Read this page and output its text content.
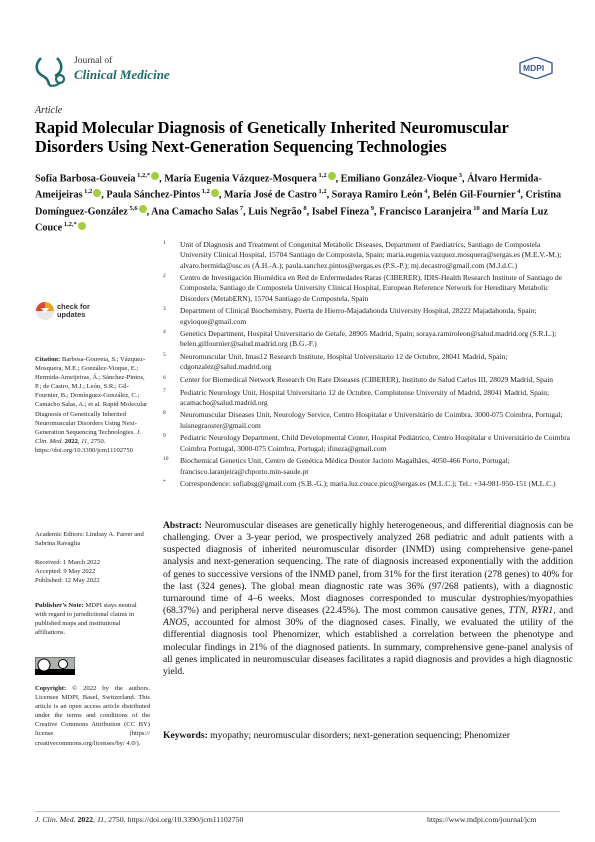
Journal of
Clinical Medicine	MDPI
Article
Rapid Molecular Diagnosis of Genetically Inherited Neuromuscular Disorders Using Next-Generation Sequencing Technologies
Sofía Barbosa-Gouveia $^{1,2,*}$ , María Eugenia Vázquez-Mosquera $^{1,2}$ , Emiliano González-Vioque $^3$, Álvaro Hermida-Ameijeiras $^{1,2}$ , Paula Sánchez-Pintos $^{1,2}$ , María José de Castro $^{1,2}$, Soraya Ramiro León $^4$, Belén Gil-Fournier $^4$, Cristina Domínguez-González $^{5,6}$ , Ana Camacho Salas $^7$, Luis Negrão $^8$, Isabel Fineza $^9$, Francisco Laranjeira $^{10}$ and María Luz Couce $^{1,2,*}$
1 Unit of Diagnosis and Treatment of Congenital Metabolic Diseases, Department of Paediatrics, Santiago de Compostela University Clinical Hospital, 15704 Santiago de Compostela, Spain; maria.eugenia.vazquez.mosquera@sergas.es (M.E.V.-M.); alvaro.hermida@usc.es (Á.H.-A.); paula.sanchez.pintos@sergas.es (P.S.-P.); mj.decastro@gmail.com (M.J.d.C.)
2 Centro de Investigación Biomédica en Red de Enfermedades Raras (CIBERER), IDIS-Health Research Institute of Santiago de Compostela, Santiago de Compostela University Clinical Hospital, European Reference Network for Hereditary Metabolic Disorders (MetabERN), 15704 Santiago de Compostela, Spain
3 Department of Clinical Biochemistry, Puerta de Hierro-Majadahonda University Hospital, 28222 Majadahonda, Spain; egvioque@gmail.com
4 Genetics Department, Hospital Universitario de Getafe, 28905 Madrid, Spain; soraya.ramiroleon@salud.madrid.org (S.R.L.); belen.gilfournier@salud.madrid.org (B.G.-F.)
5 Neuromuscular Unit, Imas12 Research Institute, Hospital Universitario 12 de Octubre, 28041 Madrid, Spain; cdgonzalez@salud.madrid.org
6 Center for Biomedical Network Research On Rare Diseases (CIBERER), Instituto de Salud Carlos III, 28029 Madrid, Spain
7 Pediatric Neurology Unit, Hospital Universitario 12 de Octubre, Complutense University of Madrid, 28041 Madrid, Spain; acamacho@salud.madrid.org
8 Neuromuscular Diseases Unit, Neurology Service, Centro Hospitalar e Universitário de Coimbra, 3000-075 Coimbra, Portugal; luisnegraoster@gmail.com
9 Pediatric Neurology Department, Child Developmental Center, Hospital Pediátrico, Centro Hospitalar e Universitário de Coimbra Coimbra Portugal, 3000-075 Coimbra, Portugal; ifineza@gmail.com
10 Biochemical Genetics Unit, Centro de Genética Médica Doutor Jacinto Magalhães, 4050-466 Porto, Portugal; francisco.laranjeira@chporto.min-saude.pt
* Correspondence: sofiabsg@gmail.com (S.B.-G.); maria.luz.couce.pico@sergas.es (M.L.C.); Tel.: +34-981-950-151 (M.L.C.)
check for
updates
Citation: Barbosa-Gouveia, S.; Vázquez-Mosquera, M.E.; González-Vioque, E.; Hermida-Ameijeiras, Á.; Sánchez-Pintos, P.; de Castro, M.J.; León, S.R.; Gil-Fournier, B.; Domínguez-González, C.; Camacho Salas, A.; et al. Rapid Molecular Diagnosis of Genetically Inherited Neuromuscular Disorders Using Next-Generation Sequencing Technologies. J. Clin. Med. 2022, 11, 2750. https://doi.org/10.3390/jcm11102750
Academic Editors: Lindsay A. Farrer and Sabrina Ravaglia
Received: 1 March 2022
Accepted: 9 May 2022
Published: 12 May 2022
Publisher’s Note: MDPI stays neutral with regard to jurisdictional claims in published maps and institutional affiliations.
Copyright: © 2022 by the authors. Licensee MDPI, Basel, Switzerland. This article is an open access article distributed under the terms and conditions of the Creative Commons Attribution (CC BY) license (https:// creativecommons.org/licenses/by/ 4.0/).
Abstract: Neuromuscular diseases are genetically highly heterogeneous, and differential diagnosis can be challenging. Over a 3-year period, we prospectively analyzed 268 pediatric and adult patients with a suspected diagnosis of inherited neuromuscular disorder (INMD) using comprehensive gene-panel analysis and next-generation sequencing. The rate of diagnosis increased exponentially with the addition of genes to successive versions of the INMD panel, from 31% for the first iteration (278 genes) to 40% for the last (324 genes). The global mean diagnostic rate was 36% (97/268 patients), with a diagnostic turnaround time of 4–6 weeks. Most diagnoses corresponded to muscular dystrophies/myopathies (68.37%) and peripheral nerve diseases (22.45%). The most common causative genes, TTN, RYR1, and ANO5, accounted for almost 30% of the diagnosed cases. Finally, we evaluated the utility of the differential diagnosis tool Phenomizer, which established a correlation between the phenotype and molecular findings in 21% of the diagnosed patients. In summary, comprehensive gene-panel analysis of all genes implicated in neuromuscular diseases facilitates a rapid diagnosis and provides a high diagnostic yield.
Keywords: myopathy; neuromuscular disorders; next-generation sequencing; Phenomizer
J. Clin. Med. 2022, 11, 2750. https://doi.org/10.3390/jcm11102750	https://www.mdpi.com/journal/jcm
